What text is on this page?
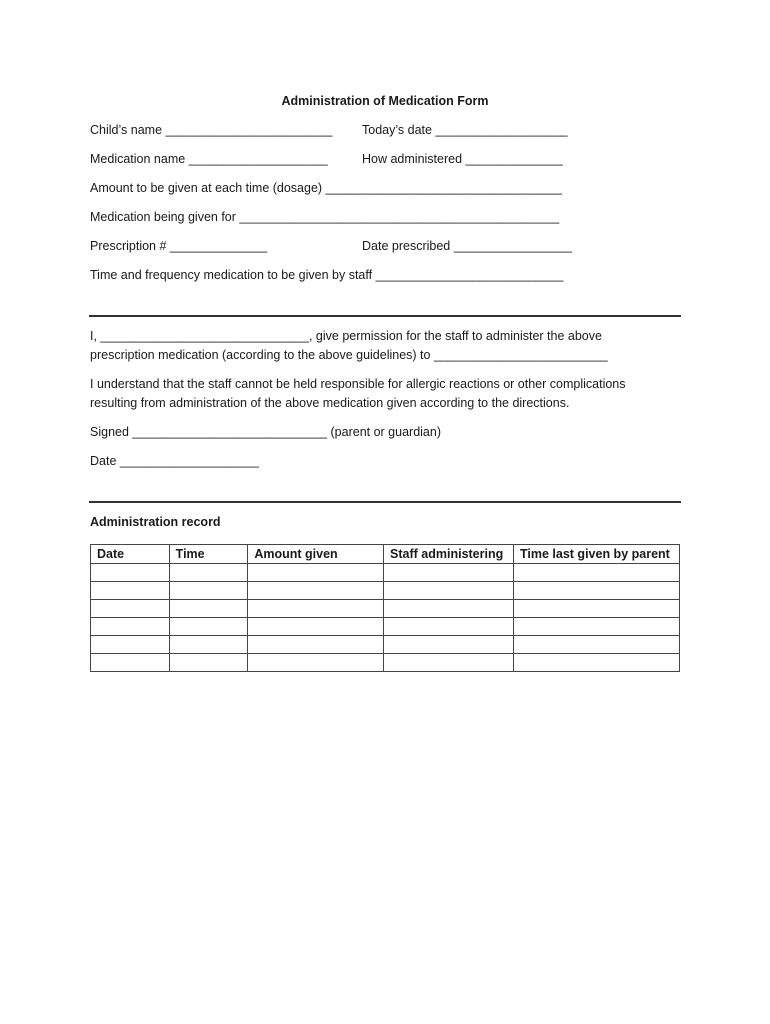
Administration of Medication Form
Child’s name ________________________ Today’s date ___________________
Medication name ____________________	How administered ______________
Amount to be given at each time (dosage) __________________________________
Medication being given for ______________________________________________
Prescription # ______________	Date prescribed _________________
Time and frequency medication to be given by staff ___________________________
I, ______________________________, give permission for the staff to administer the above
prescription medication (according to the above guidelines) to _________________________
I understand that the staff cannot be held responsible for allergic reactions or other complications
resulting from administration of the above medication given according to the directions.
Signed ____________________________ (parent or guardian)
Date ____________________
Administration record
Date	Time	Amount given	Staff administering	Time last given by parent
